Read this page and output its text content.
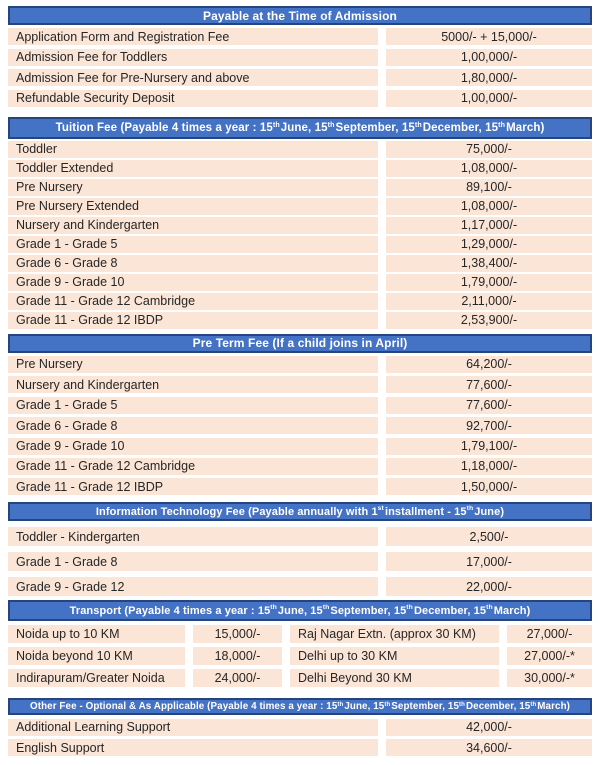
Payable at the Time of Admission
Application Form and Registration Fee	5000/- + 15,000/-
Admission Fee for Toddlers	1,00,000/-
Admission Fee for Pre-Nursery and above	1,80,000/-
Refundable Security Deposit	1,00,000/-
Tuition Fee (Payable 4 times a year : 15th June, 15th September, 15th December, 15th March)
Toddler	75,000/-
Toddler Extended	1,08,000/-
Pre Nursery	89,100/-
Pre Nursery Extended	1,08,000/-
Nursery and Kindergarten	1,17,000/-
Grade 1 - Grade 5	1,29,000/-
Grade 6 - Grade 8	1,38,400/-
Grade 9 - Grade 10	1,79,000/-
Grade 11 - Grade 12 Cambridge	2,11,000/-
Grade 11 - Grade 12 IBDP	2,53,900/-
Pre Term Fee (If a child joins in April)
Pre Nursery	64,200/-
Nursery and Kindergarten	77,600/-
Grade 1 - Grade 5	77,600/-
Grade 6 - Grade 8	92,700/-
Grade 9 - Grade 10	1,79,100/-
Grade 11 - Grade 12 Cambridge	1,18,000/-
Grade 11 - Grade 12 IBDP	1,50,000/-
Information Technology Fee (Payable annually with 1st installment - 15th June)
Toddler - Kindergarten	2,500/-
Grade 1 - Grade 8	17,000/-
Grade 9 - Grade 12	22,000/-
Transport (Payable 4 times a year : 15th June, 15th September, 15th December, 15th March)
Noida up to 10 KM	15,000/-	Raj Nagar Extn. (approx 30 KM)	27,000/-
Noida beyond 10 KM	18,000/-	Delhi up to 30 KM	27,000/-*
Indirapuram/Greater Noida	24,000/-	Delhi Beyond 30 KM	30,000/-*
Other Fee - Optional & As Applicable (Payable 4 times a year : 15th June, 15th September, 15th December, 15th March)
Additional Learning Support	42,000/-
English Support	34,600/-
